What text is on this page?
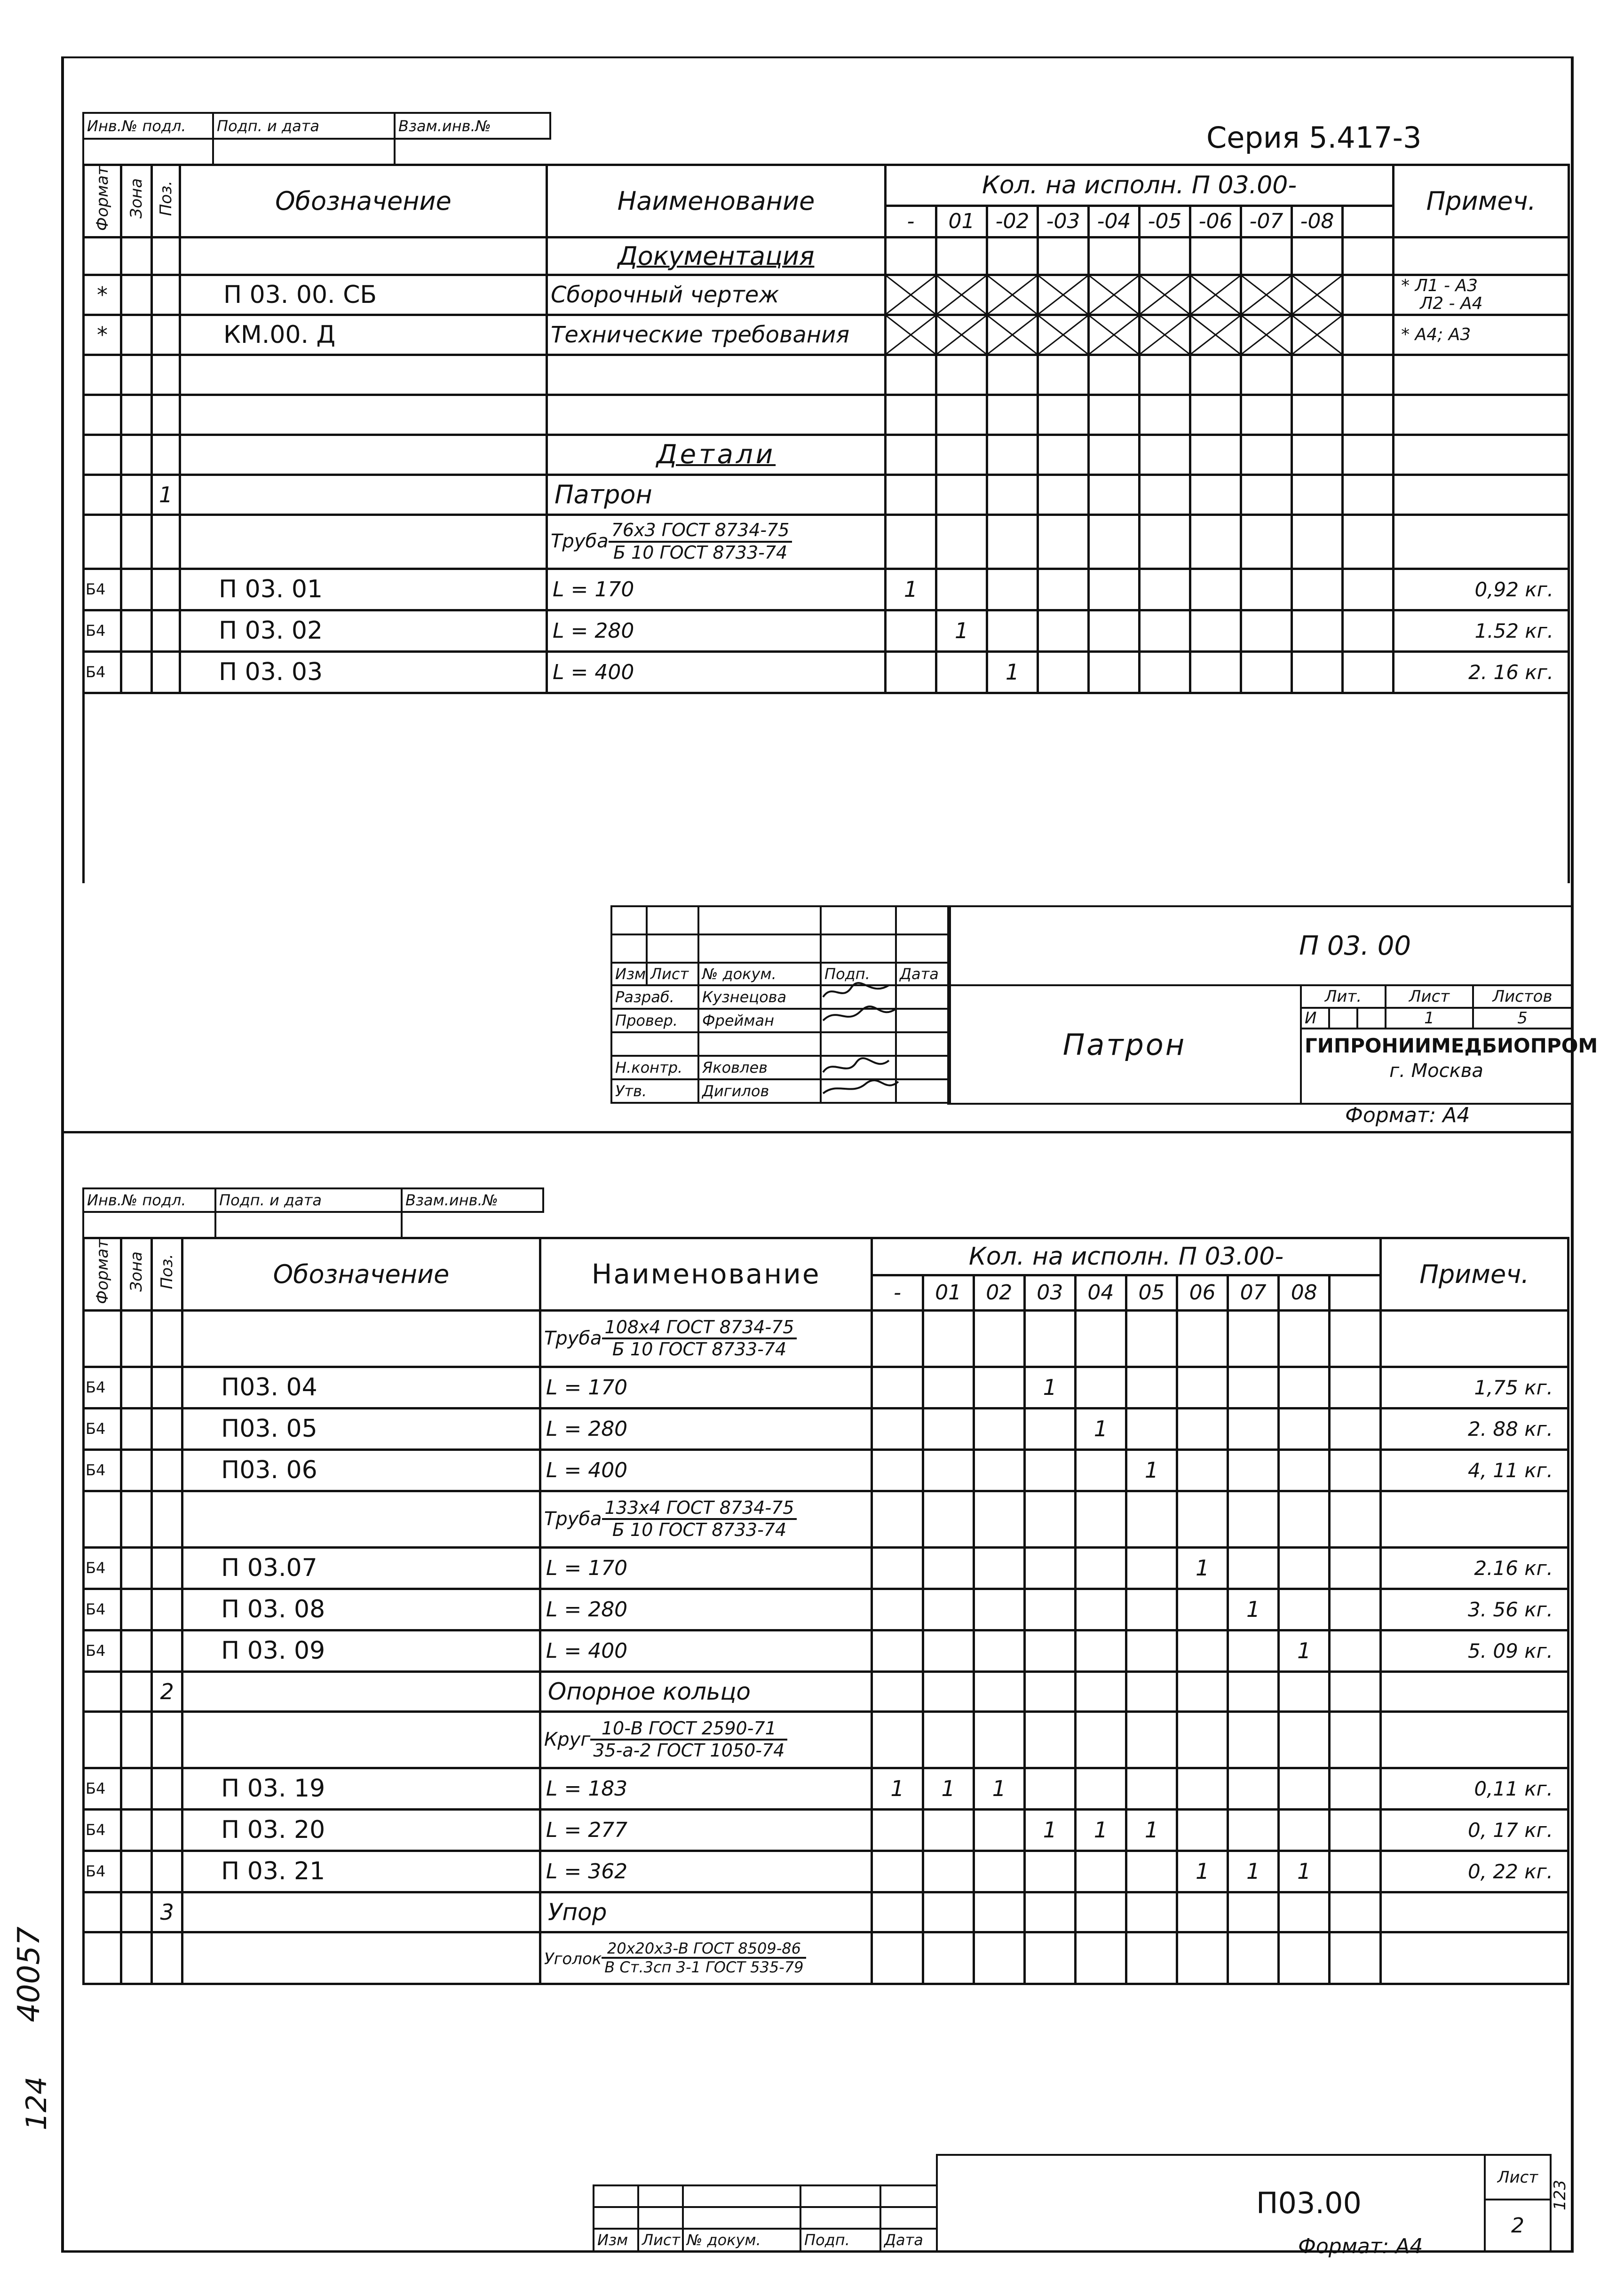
Инв.№ подл.	Подп. и дата	Взам.инв.№
			Серия 5.417-3
Формат	Зона	Поз.	Обозначение	Наименование	Кол. на исполн. П 03.00-										Примеч.
					-	01	-02	-03	-04	-05	-06	-07	-08		
				Документация											
*			П 03. 00. СБ	Сборочный чертеж											* Л1 - А3
Л2 - А4

*			КМ.00. Д	Технические требования											* А4; А3

				Детали											
		1		Патрон											
				Труба $\frac{\text{76х3 ГОСТ 8734-75}}{\text{Б 10 ГОСТ 8733-74}}$

Б4			П 03. 01	L = 170	1										0,92 кг.
Б4			П 03. 02	L = 280		1									1.52 кг.
Б4			П 03. 03	L = 400			1								2. 16 кг.

Изм	Лист	№ докум.	Подп.	Дата
Разраб.		Кузнецова		
Провер.		Фрейман		

Н.контр.		Яковлев		
Утв.		Дигилов		
П 03. 00					
Патрон	Лит.			Лист	Листов
	И			1	5

	ГИПРОНИИМЕДБИОПРОМ
г. Москва				

Формат: А4
Инв.№ подл.	Подп. и дата	Взам.инв.№

Формат	Зона	Поз.	Обозначение	Наименование	Кол. на исполн. П 03.00-										Примеч.
					-	01	02	03	04	05	06	07	08		
				Труба $\frac{\text{108х4 ГОСТ 8734-75}}{\text{Б 10 ГОСТ 8733-74}}$

Б4			П03. 04	L = 170				1							1,75 кг.
Б4			П03. 05	L = 280					1						2. 88 кг.
Б4			П03. 06	L = 400						1					4, 11 кг.
				Труба $\frac{\text{133х4 ГОСТ 8734-75}}{\text{Б 10 ГОСТ 8733-74}}$

Б4			П 03.07	L = 170							1				2.16 кг.
Б4			П 03. 08	L = 280								1			3. 56 кг.
Б4			П 03. 09	L = 400									1		5. 09 кг.
		2		Опорное кольцо											
				Круг $\frac{\text{10-В ГОСТ 2590-71}}{\text{35-а-2 ГОСТ 1050-74}}$

Б4			П 03. 19	L = 183	1	1	1								0,11 кг.
Б4			П 03. 20	L = 277				1	1	1					0, 17 кг.
Б4			П 03. 21	L = 362							1	1	1		0, 22 кг.
		3		Упор											
				Уголок $\frac{\text{20х20х3-В ГОСТ 8509-86}}{\text{В Ст.3сп 3-1 ГОСТ 535-79}}$

Изм	Лист	№ докум.	Подп.	Дата
П03.00	Лист
2
Формат: А4
123
40057
124
